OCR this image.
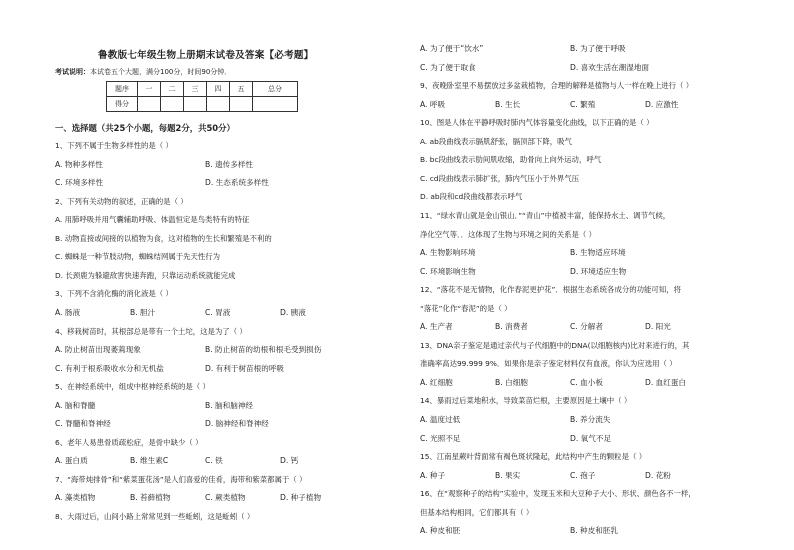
鲁教版七年级生物上册期末试卷及答案【必考题】
考试说明：本试卷五个大题，满分100分，时间90分钟．
题序	一	二	三	四	五	总分
得分						
一、选择题（共25个小题，每题2分，共50分）
1、下列不属于生物多样性的是（ ）
A. 物种多样性	B. 遗传多样性
C. 环境多样性	D. 生态系统多样性
2、下列有关动物的叙述，正确的是（ ）
A. 用肺呼吸并用气囊辅助呼吸、体温恒定是鸟类特有的特征
B. 动物直接或间接的以植物为食，这对植物的生长和繁殖是不利的
C. 蜘蛛是一种节肢动物，蜘蛛结网属于先天性行为
D. 长颈鹿为躲避敌害快速奔跑，只靠运动系统就能完成
3、下列不含消化酶的消化液是（ ）
A. 肠液	B. 胆汁	C. 胃液	D. 胰液
4、移栽树苗时，其根部总是带有一个土坨，这是为了（ ）
A. 防止树苗出现萎蔫现象	B. 防止树苗的幼根和根毛受到损伤
C. 有利于根系吸收水分和无机盐	D. 有利于树苗根的呼吸
5、在神经系统中，组成中枢神经系统的是（ ）
A. 脑和脊髓	B. 脑和脑神经
C. 脊髓和脊神经	D. 脑神经和脊神经
6、老年人易患骨质疏松症，是骨中缺少（ ）
A. 蛋白质	B. 维生素C	C. 铁	D. 钙
7、“海带炖排骨”和“紫菜蛋花汤”是人们喜爱的佳肴，海带和紫菜都属于（ ）
A. 藻类植物	B. 苔藓植物	C. 蕨类植物	D. 种子植物
8、大雨过后，山间小路上常常见到一些蚯蚓，这是蚯蚓（ ）
A. 为了便于“饮水”	B. 为了便于呼吸
C. 为了便于取食	D. 喜欢生活在潮湿地面
9、夜晚卧室里不易摆放过多盆栽植物，合理的解释是植物与人一样在晚上进行（ ）
A. 呼吸	B. 生长	C. 繁殖	D. 应激性
10、图是人体在平静呼吸时肺内气体容量变化曲线，以下正确的是（ ）
A. ab段曲线表示膈肌舒张，膈顶部下降，吸气
B. bc段曲线表示肋间肌收缩，助骨向上向外运动，呼气
C. cd段曲线表示肺扩张，肺内气压小于外界气压
D. ab段和cd段曲线都表示呼气
11、“绿水青山就是金山银山．”“青山”中植被丰富，能保持水土、调节气候，
净化空气等．．这体现了生物与环境之间的关系是（ ）
A. 生物影响环境	B. 生物适应环境
C. 环境影响生物	D. 环境适应生物
12、“落花不是无情物，化作春泥更护花”．根据生态系统各成分的功能可知，将
“落花”化作“春泥”的是（ ）
A. 生产者	B. 消费者	C. 分解者	D. 阳光
13、DNA亲子鉴定是通过亲代与子代细胞中的DNA(以细胞核内)比对来进行的，其
准确率高达99.999 9%．如果你是亲子鉴定材料仅有血液，你认为应选用（ ）
A. 红细胞	B. 白细胞	C. 血小板	D. 血红蛋白
14、暴雨过后菜地积水，导致菜苗烂根，主要原因是土壤中（ ）
A. 温度过低	B. 养分流失
C. 光照不足	D. 氧气不足
15、江南星蕨叶背面常有褐色斑状隆起，此结构中产生的颗粒是（ ）
A. 种子	B. 果实	C. 孢子	D. 花粉
16、在“观察种子的结构”实验中，发现玉米和大豆种子大小、形状、颜色各不一样，
但基本结构相同，它们都具有（ ）
A. 种皮和胚	B. 种皮和胚乳
